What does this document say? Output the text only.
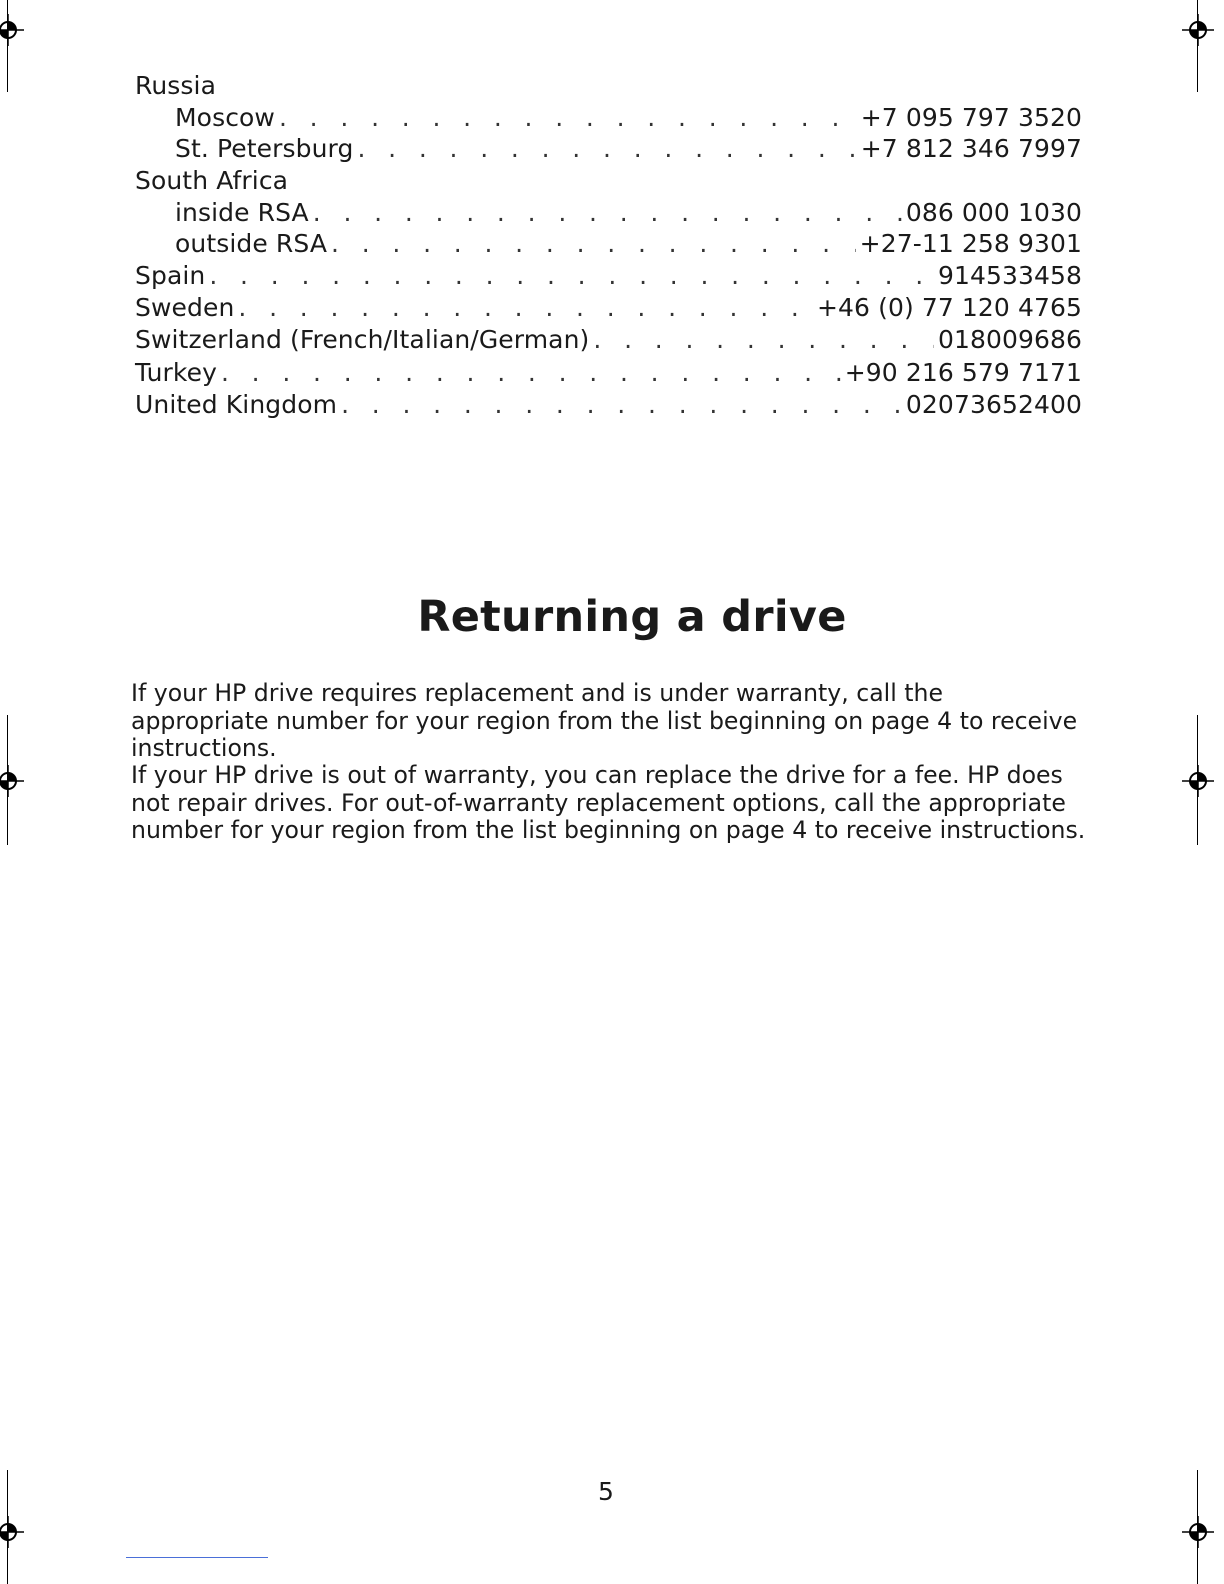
Russia
Moscow . . .	+7 095 797 3520
St. Petersburg . . .	+7 812 346 7997
South Africa
inside RSA . . .	086 000 1030
outside RSA . . .	+27-11 258 9301
Spain . . .	914533458
Sweden . . .	+46 (0) 77 120 4765
Switzerland (French/Italian/German) . . .	018009686
Turkey . . .	+90 216 579 7171
United Kingdom . . .	02073652400
Returning a drive

If your HP drive requires replacement and is under warranty, call the appropriate number for your region from the list beginning on page 4 to receive instructions.

If your HP drive is out of warranty, you can replace the drive for a fee. HP does not repair drives. For out-of-warranty replacement options, call the appropriate number for your region from the list beginning on page 4 to receive instructions.

5
